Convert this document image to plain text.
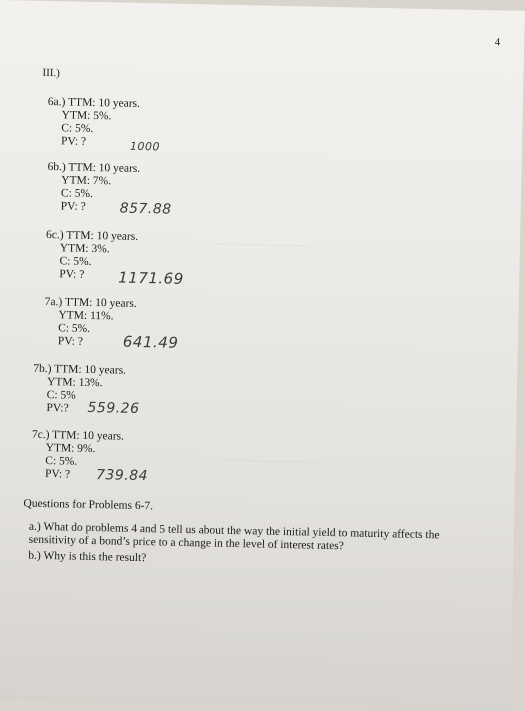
4
III.)
........................................
........................................
6a.) TTM: 10 years.
YTM: 5%.
C: 5%.
PV: ?	1000
6b.) TTM: 10 years.
YTM: 7%.
C: 5%.
PV: ?	857.88
6c.) TTM: 10 years.
YTM: 3%.
C: 5%.
PV: ?	1171.69
7a.) TTM: 10 years.
YTM: 11%.
C: 5%.
PV: ?	641.49
7b.) TTM: 10 years.
YTM: 13%.
C: 5%
PV:?	559.26
7c.) TTM: 10 years.
YTM: 9%.
C: 5%.
PV: ?	739.84
Questions for Problems 6-7.
a.) What do problems 4 and 5 tell us about the way the initial yield to maturity affects the sensitivity of a bond’s price to a change in the level of interest rates?
b.) Why is this the result?
